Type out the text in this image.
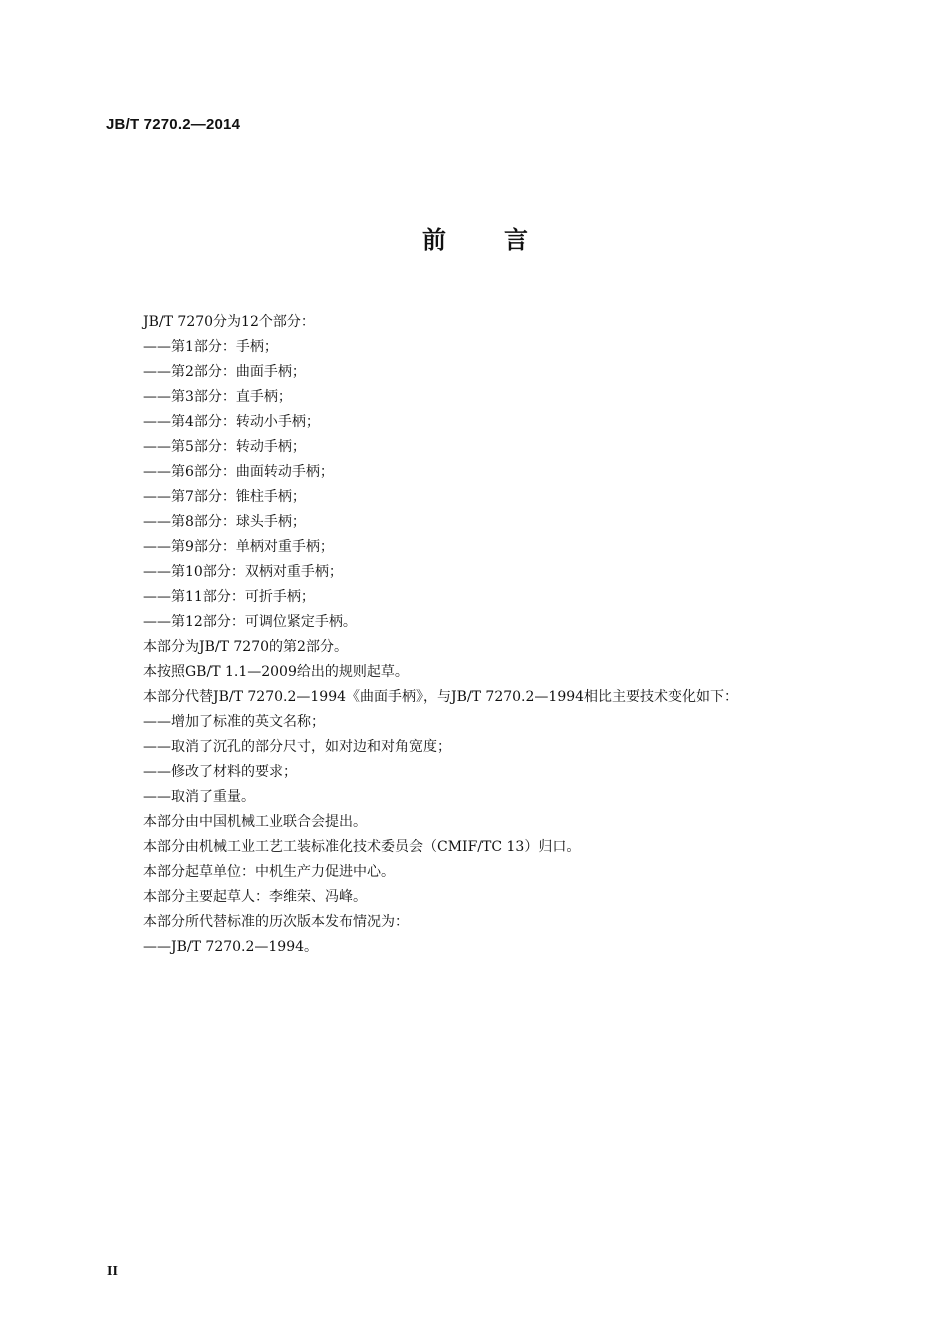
JB/T 7270.2—2014
前 言
JB/T 7270分为12个部分：
——第1部分：手柄；
——第2部分：曲面手柄；
——第3部分：直手柄；
——第4部分：转动小手柄；
——第5部分：转动手柄；
——第6部分：曲面转动手柄；
——第7部分：锥柱手柄；
——第8部分：球头手柄；
——第9部分：单柄对重手柄；
——第10部分：双柄对重手柄；
——第11部分：可折手柄；
——第12部分：可调位紧定手柄。
本部分为JB/T 7270的第2部分。
本按照GB/T 1.1—2009给出的规则起草。
本部分代替JB/T 7270.2—1994《曲面手柄》，与JB/T 7270.2—1994相比主要技术变化如下：
——增加了标准的英文名称；
——取消了沉孔的部分尺寸，如对边和对角宽度；
——修改了材料的要求；
——取消了重量。
本部分由中国机械工业联合会提出。
本部分由机械工业工艺工装标准化技术委员会（CMIF/TC 13）归口。
本部分起草单位：中机生产力促进中心。
本部分主要起草人：李维荣、冯峰。
本部分所代替标准的历次版本发布情况为：
——JB/T 7270.2—1994。
II
